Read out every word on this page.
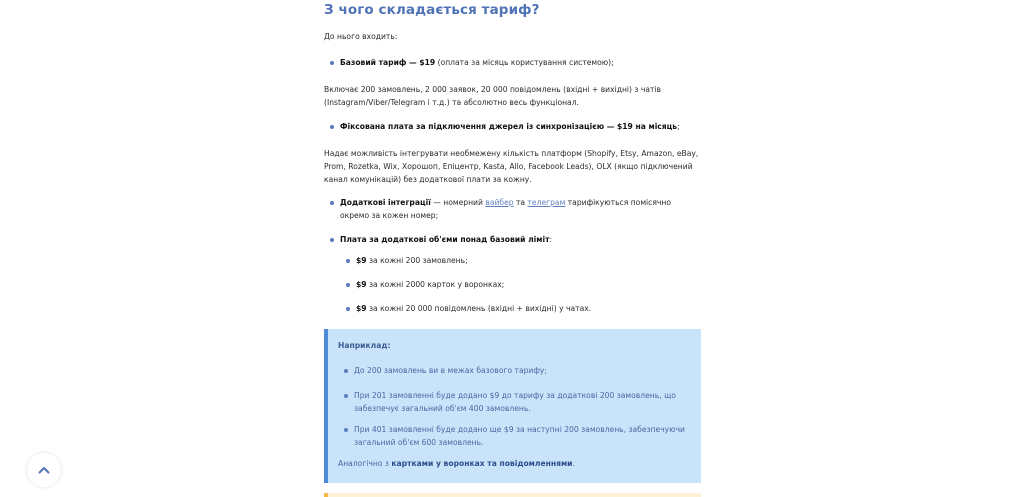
З чого складається тариф?

До нього входить:

Базовий тариф — $19 (оплата за місяць користування системою);

Включає 200 замовлень, 2 000 заявок, 20 000 повідомлень (вхідні + вихідні) з чатів (Instagram/Viber/Telegram і т.д.) та абсолютно весь функціонал.

Фіксована плата за підключення джерел із синхронізацією — $19 на місяць;

Надає можливість інтегрувати необмежену кількість платформ (Shopify, Etsy, Amazon, eBay, Prom, Rozetka, Wix, Хорошоп, Епіцентр, Kasta, Allo, Facebook Leads), OLX (якщо підключений канал комунікацій) без додаткової плати за кожну.

Додаткові інтеграції — номерний вайбер та телеграм тарифікуються помісячно окремо за кожен номер;
Плата за додаткові об'єми понад базовий ліміт:
$9 за кожні 200 замовлень;
$9 за кожні 2000 карток у воронках;
$9 за кожні 20 000 повідомлень (вхідні + вихідні) у чатах.
Наприклад:
До 200 замовлень ви в межах базового тарифу;
При 201 замовленні буде додано $9 до тарифу за додаткові 200 замовлень, що забезпечує загальний об'єм 400 замовлень.
При 401 замовленні буде додано ще $9 за наступні 200 замовлень, забезпечуючи загальний об'єм 600 замовлень.
Аналогічно з картками у воронках та повідомленнями.
